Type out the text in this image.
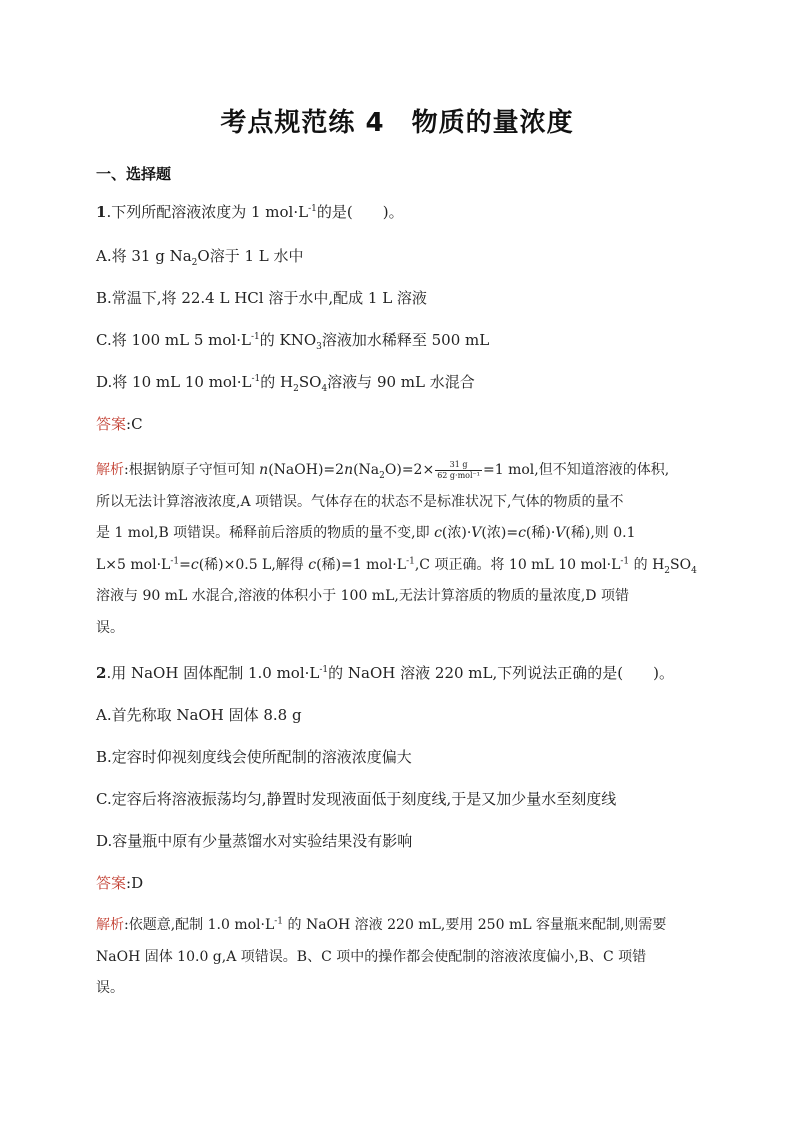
考点规范练 4　物质的量浓度
一、选择题
1.下列所配溶液浓度为 1 $mol\cdot L^{-1}$的是(　　)。
A.将 31 g $Na_2O$溶于 1 L 水中
B.常温下,将 22.4 L HCl 溶于水中,配成 1 L 溶液
C.将 100 mL 5 $mol\cdot L^{-1}$的 $KNO_3$溶液加水稀释至 500 mL
D.将 10 mL 10 $mol\cdot L^{-1}$的 $H_2SO_4$溶液与 90 mL 水混合
答案:C
解析:根据钠原子守恒可知 $n(NaOH)=2n(Na_2O)=2\times \frac{31 g}{\text{62 g·mol⁻¹}} =1$ mol,但不知道溶液的体积,
所以无法计算溶液浓度,A 项错误。气体存在的状态不是标准状况下,气体的物质的量不
是 1 mol,B 项错误。稀释前后溶质的物质的量不变,即 c(浓)·V(浓)=c(稀)·V(稀),则 0.1
L×5 $mol\cdot L^{-1}=c$(稀)×0.5 L,解得 c(稀)=1 $mol\cdot L^{-1},C$ 项正确。将 10 mL 10 $mol\cdot L^{-1}$ 的 $H_2SO_4$
溶液与 90 mL 水混合,溶液的体积小于 100 mL,无法计算溶质的物质的量浓度,D 项错
误。
2.用 NaOH 固体配制 1.0 $mol\cdot L^{-1}$的 NaOH 溶液 220 mL,下列说法正确的是(　　)。
A.首先称取 NaOH 固体 8.8 g
B.定容时仰视刻度线会使所配制的溶液浓度偏大
C.定容后将溶液振荡均匀,静置时发现液面低于刻度线,于是又加少量水至刻度线
D.容量瓶中原有少量蒸馏水对实验结果没有影响
答案:D
解析:依题意,配制 1.0 $mol\cdot L^{-1}$ 的 NaOH 溶液 220 mL,要用 250 mL 容量瓶来配制,则需要
NaOH 固体 10.0 g,A 项错误。B、C 项中的操作都会使配制的溶液浓度偏小,B、C 项错
误。
